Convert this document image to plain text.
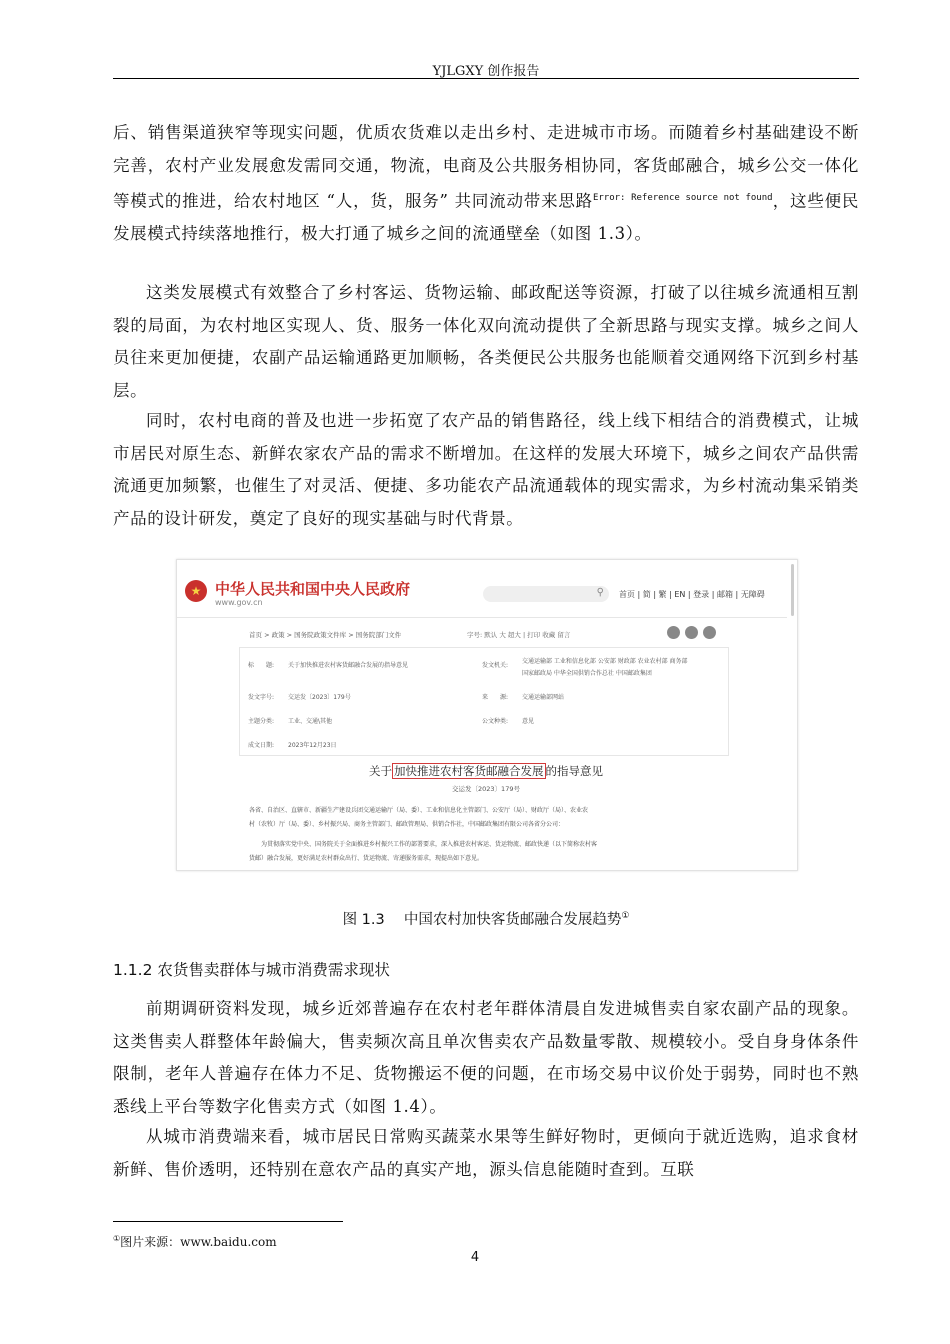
YJLGXY 创作报告

后、销售渠道狭窄等现实问题，优质农货难以走出乡村、走进城市市场。而随着乡村基础建设不断完善，农村产业发展愈发需同交通，物流，电商及公共服务相协同，客货邮融合，城乡公交一体化等模式的推进，给农村地区 “人，货，服务” 共同流动带来思路$^{Error: Reference source not found}$，这些便民发展模式持续落地推行，极大打通了城乡之间的流通壁垒（如图 1.3）。

这类发展模式有效整合了乡村客运、货物运输、邮政配送等资源，打破了以往城乡流通相互割裂的局面，为农村地区实现人、货、服务一体化双向流动提供了全新思路与现实支撑。城乡之间人员往来更加便捷，农副产品运输通路更加顺畅，各类便民公共服务也能顺着交通网络下沉到乡村基层。

同时，农村电商的普及也进一步拓宽了农产品的销售路径，线上线下相结合的消费模式，让城市居民对原生态、新鲜农家农产品的需求不断增加。在这样的发展大环境下，城乡之间农产品供需流通更加频繁，也催生了对灵活、便捷、多功能农产品流通载体的现实需求，为乡村流动集采销类产品的设计研发，奠定了良好的现实基础与时代背景。

★ 中华人民共和国中央人民政府
www.gov.cn
⚲ 首页 | 简 | 繁 | EN | 登录 | 邮箱 | 无障碍
首页 > 政策 > 国务院政策文件库 > 国务院部门文件	字号: 默认 大 超大 | 打印 收藏 留言
标　　题: 关于加快推进农村客货邮融合发展的指导意见	发文机关:
交通运输部 工业和信息化部 公安部 财政部 农业农村部 商务部
国家邮政局 中华全国供销合作总社 中国邮政集团
发文字号: 交运发〔2023〕179号	来　　源: 交通运输部网站
主题分类: 工业、交通\其他	公文种类: 意见
成文日期: 2023年12月23日
关于 加快推进农村客货邮融合发展 的指导意见
交运发〔2023〕179号
各省、自治区、直辖市、新疆生产建设兵团交通运输厅（局、委）、工业和信息化主管部门、公安厅（局）、财政厅（局）、农业农
村（农牧）厅（局、委）、乡村振兴局、商务主管部门、邮政管理局、供销合作社，中国邮政集团有限公司各省分公司：
　　为贯彻落实党中央、国务院关于全面推进乡村振兴工作的部署要求，深入推进农村客运、货运物流、邮政快递（以下简称农村客
货邮）融合发展，更好满足农村群众出行、货运物流、寄递服务需求，现提出如下意见。
图 1.3　 中国农村加快客货邮融合发展趋势①
1.1.2 农货售卖群体与城市消费需求现状

前期调研资料发现，城乡近郊普遍存在农村老年群体清晨自发进城售卖自家农副产品的现象。这类售卖人群整体年龄偏大，售卖频次高且单次售卖农产品数量零散、规模较小。受自身身体条件限制，老年人普遍存在体力不足、货物搬运不便的问题，在市场交易中议价处于弱势，同时也不熟悉线上平台等数字化售卖方式（如图 1.4）。

从城市消费端来看，城市居民日常购买蔬菜水果等生鲜好物时，更倾向于就近选购，追求食材新鲜、售价透明，还特别在意农产品的真实产地，源头信息能随时查到。互联

①图片来源：www.baidu.com
4
